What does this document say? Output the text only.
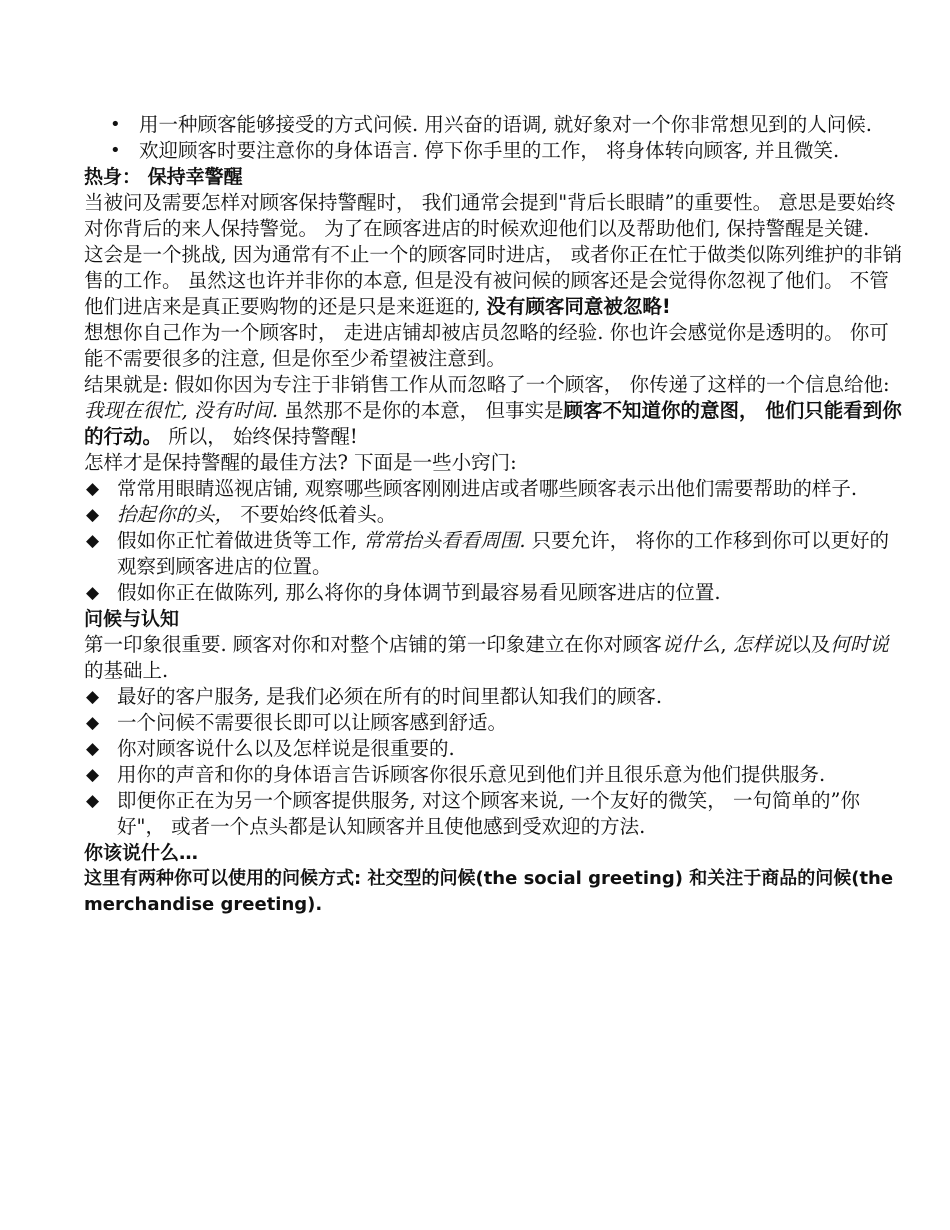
• 用一种顾客能够接受的方式问候. 用兴奋的语调, 就好象对一个你非常想见到的人问候.
• 欢迎顾客时要注意你的身体语言. 停下你手里的工作， 将身体转向顾客, 并且微笑.
热身： 保持幸警醒

当被问及需要怎样对顾客保持警醒时， 我们通常会提到"背后长眼睛”的重要性。 意思是要始终对你背后的来人保持警觉。 为了在顾客进店的时候欢迎他们以及帮助他们, 保持警醒是关键.

这会是一个挑战, 因为通常有不止一个的顾客同时进店， 或者你正在忙于做类似陈列维护的非销售的工作。 虽然这也许并非你的本意, 但是没有被问候的顾客还是会觉得你忽视了他们。 不管他们进店来是真正要购物的还是只是来逛逛的, 没有顾客同意被忽略!

想想你自己作为一个顾客时， 走进店铺却被店员忽略的经验. 你也许会感觉你是透明的。 你可能不需要很多的注意, 但是你至少希望被注意到。

结果就是: 假如你因为专注于非销售工作从而忽略了一个顾客， 你传递了这样的一个信息给他: 我现在很忙, 没有时间. 虽然那不是你的本意， 但事实是顾客不知道你的意图， 他们只能看到你的行动。 所以， 始终保持警醒!

怎样才是保持警醒的最佳方法? 下面是一些小窍门:

◆ 常常用眼睛巡视店铺, 观察哪些顾客刚刚进店或者哪些顾客表示出他们需要帮助的样子.
◆ 抬起你的头， 不要始终低着头。
◆ 假如你正忙着做进货等工作, 常常抬头看看周围. 只要允许， 将你的工作移到你可以更好的观察到顾客进店的位置。
◆ 假如你正在做陈列, 那么将你的身体调节到最容易看见顾客进店的位置.
问候与认知

第一印象很重要. 顾客对你和对整个店铺的第一印象建立在你对顾客说什么, 怎样说以及何时说的基础上.

◆ 最好的客户服务, 是我们必须在所有的时间里都认知我们的顾客.
◆ 一个问候不需要很长即可以让顾客感到舒适。
◆ 你对顾客说什么以及怎样说是很重要的.
◆ 用你的声音和你的身体语言告诉顾客你很乐意见到他们并且很乐意为他们提供服务.
◆ 即便你正在为另一个顾客提供服务, 对这个顾客来说, 一个友好的微笑， 一句简单的”你好"， 或者一个点头都是认知顾客并且使他感到受欢迎的方法.
你该说什么…

这里有两种你可以使用的问候方式: 社交型的问候(the social greeting) 和关注于商品的问候(the merchandise greeting).
